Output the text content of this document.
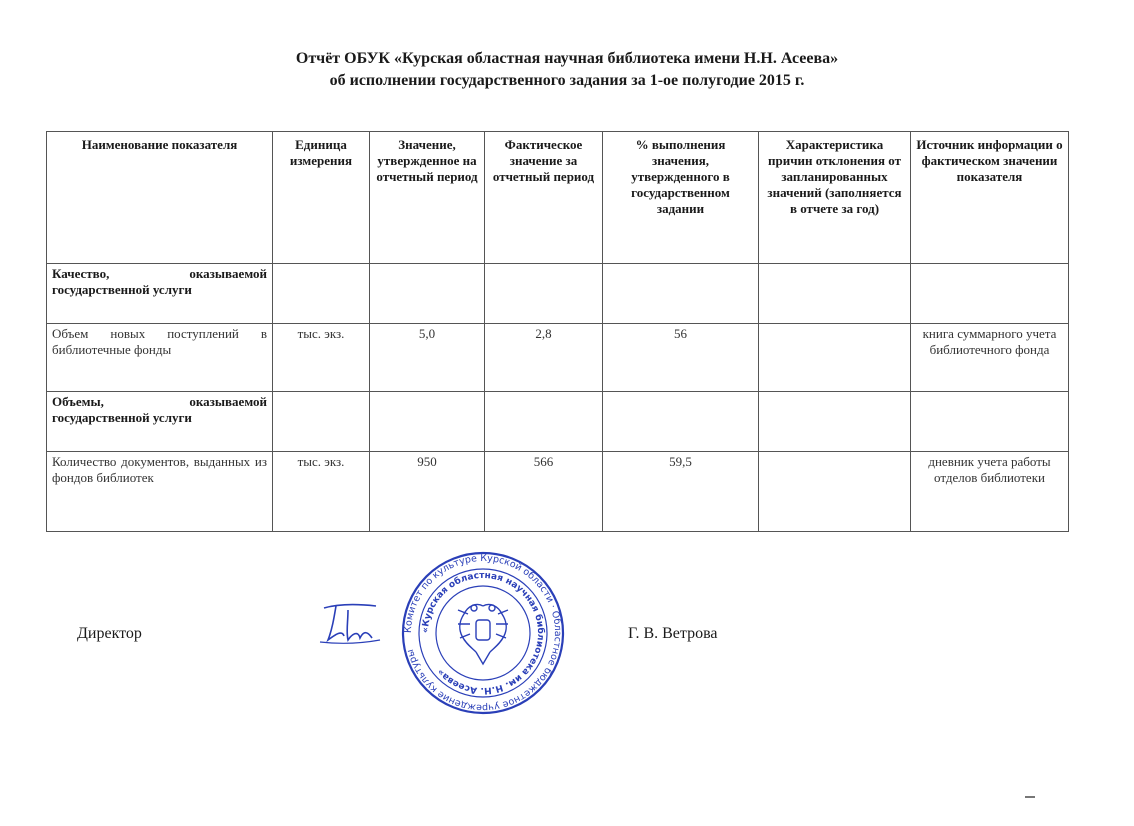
Отчёт ОБУК «Курская областная научная библиотека имени Н.Н. Асеева»
об исполнении государственного задания за 1-ое полугодие 2015 г.
Наименование показателя	Единица измерения	Значение, утвержденное на отчетный период	Фактическое значение за отчетный период	% выполнения значения, утвержденного в государственном задании	Характеристика причин отклонения от запланированных значений (заполняется в отчете за год)	Источник информации о фактическом значении показателя
Качество, оказываемой государственной услуги						
Объем новых поступлений в библиотечные фонды	тыс. экз.	5,0	2,8	56		книга суммарного учета библиотечного фонда
Объемы, оказываемой государственной услуги						
Количество документов, выданных из фондов библиотек	тыс. экз.	950	566	59,5		дневник учета работы отделов библиотеки
Директор	Комитет по культуре Курской области · Областное бюджетное учреждение культуры
«Курская областная научная библиотека им. Н.Н. Асеева»
Г. В. Ветрова
